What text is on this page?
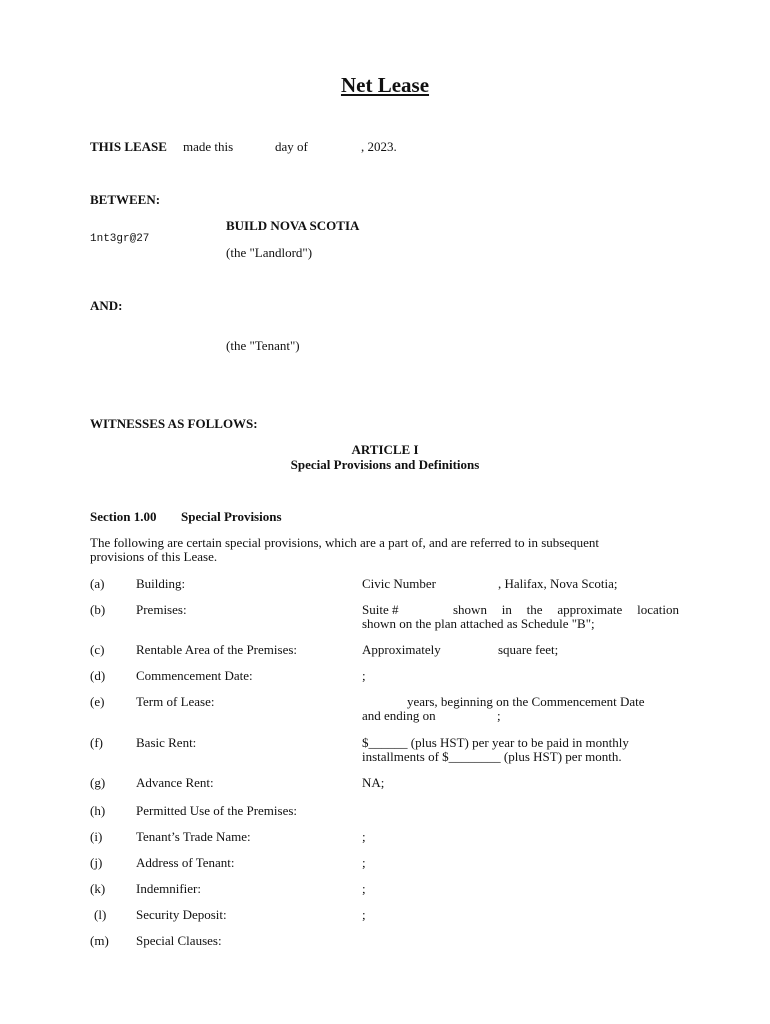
Net Lease
THIS LEASE made this	day of	, 2023.
BETWEEN:
BUILD NOVA SCOTIA
1nt3gr@27
(the "Landlord")
AND:
(the "Tenant")
WITNESSES AS FOLLOWS:
ARTICLE I
Special Provisions and Definitions
Section 1.00 Special Provisions
The following are certain special provisions, which are a part of, and are referred to in subsequent
provisions of this Lease.
(a) Building:	Civic Number	, Halifax, Nova Scotia;
(b) Premises:	Suite #	shown in the approximate location
shown on the plan attached as Schedule "B";
(c) Rentable Area of the Premises:	Approximately	square feet;
(d) Commencement Date:	;
(e) Term of Lease:	years, beginning on the Commencement Date
and ending on	;
(f)	Basic Rent:	$______ (plus HST) per year to be paid in monthly
installments of $________ (plus HST) per month.
(g) Advance Rent:	NA;
(h) Permitted Use of the Premises:
(i)	Tenant’s Trade Name:	;
(j)	Address of Tenant:	;
(k) Indemnifier:	;
(l) Security Deposit:	;
(m) Special Clauses:
